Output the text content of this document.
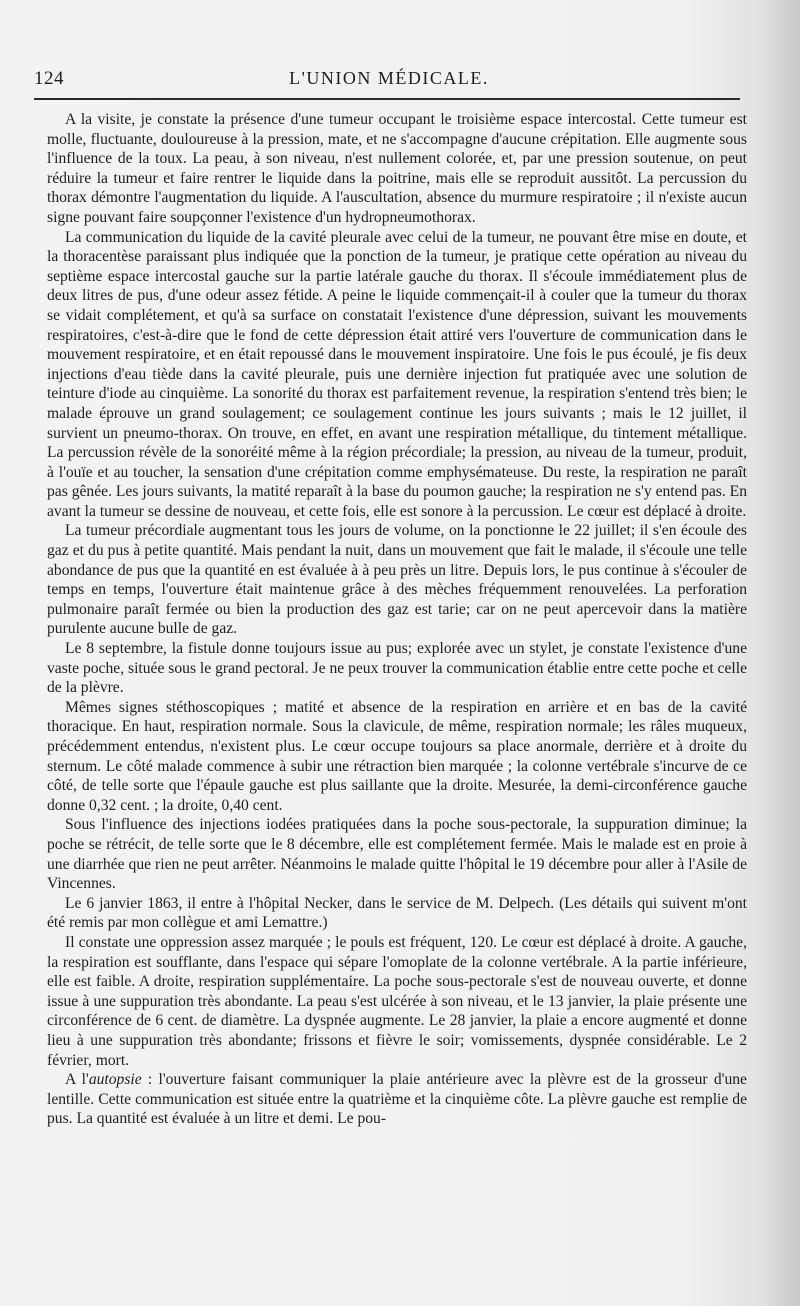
124	L'UNION MÉDICALE.

A la visite, je constate la présence d'une tumeur occupant le troisième espace intercostal. Cette tumeur est molle, fluctuante, douloureuse à la pression, mate, et ne s'accompagne d'aucune crépitation. Elle augmente sous l'influence de la toux. La peau, à son niveau, n'est nullement colorée, et, par une pression soutenue, on peut réduire la tumeur et faire rentrer le liquide dans la poitrine, mais elle se reproduit aussitôt. La percussion du thorax démontre l'augmentation du liquide. A l'auscultation, absence du murmure respiratoire ; il n'existe aucun signe pouvant faire soupçonner l'existence d'un hydropneumothorax.

La communication du liquide de la cavité pleurale avec celui de la tumeur, ne pouvant être mise en doute, et la thoracentèse paraissant plus indiquée que la ponction de la tumeur, je pratique cette opération au niveau du septième espace intercostal gauche sur la partie latérale gauche du thorax. Il s'écoule immédiatement plus de deux litres de pus, d'une odeur assez fétide. A peine le liquide commençait-il à couler que la tumeur du thorax se vidait complétement, et qu'à sa surface on constatait l'existence d'une dépression, suivant les mouvements respiratoires, c'est-à-dire que le fond de cette dépression était attiré vers l'ouverture de communication dans le mouvement respiratoire, et en était repoussé dans le mouvement inspiratoire. Une fois le pus écoulé, je fis deux injections d'eau tiède dans la cavité pleurale, puis une dernière injection fut pratiquée avec une solution de teinture d'iode au cinquième. La sonorité du thorax est parfaitement revenue, la respiration s'entend très bien; le malade éprouve un grand soulagement; ce soulagement continue les jours suivants ; mais le 12 juillet, il survient un pneumo-thorax. On trouve, en effet, en avant une respiration métallique, du tintement métallique. La percussion révèle de la sonoréité même à la région précordiale; la pression, au niveau de la tumeur, produit, à l'ouïe et au toucher, la sensation d'une crépitation comme emphysémateuse. Du reste, la respiration ne paraît pas gênée. Les jours suivants, la matité reparaît à la base du poumon gauche; la respiration ne s'y entend pas. En avant la tumeur se dessine de nouveau, et cette fois, elle est sonore à la percussion. Le cœur est déplacé à droite.

La tumeur précordiale augmentant tous les jours de volume, on la ponctionne le 22 juillet; il s'en écoule des gaz et du pus à petite quantité. Mais pendant la nuit, dans un mouvement que fait le malade, il s'écoule une telle abondance de pus que la quantité en est évaluée à à peu près un litre. Depuis lors, le pus continue à s'écouler de temps en temps, l'ouverture était maintenue grâce à des mèches fréquemment renouvelées. La perforation pulmonaire paraît fermée ou bien la production des gaz est tarie; car on ne peut apercevoir dans la matière purulente aucune bulle de gaz.

Le 8 septembre, la fistule donne toujours issue au pus; explorée avec un stylet, je constate l'existence d'une vaste poche, située sous le grand pectoral. Je ne peux trouver la communication établie entre cette poche et celle de la plèvre.

Mêmes signes stéthoscopiques ; matité et absence de la respiration en arrière et en bas de la cavité thoracique. En haut, respiration normale. Sous la clavicule, de même, respiration normale; les râles muqueux, précédemment entendus, n'existent plus. Le cœur occupe toujours sa place anormale, derrière et à droite du sternum. Le côté malade commence à subir une rétraction bien marquée ; la colonne vertébrale s'incurve de ce côté, de telle sorte que l'épaule gauche est plus saillante que la droite. Mesurée, la demi-circonférence gauche donne 0,32 cent. ; la droite, 0,40 cent.

Sous l'influence des injections iodées pratiquées dans la poche sous-pectorale, la suppuration diminue; la poche se rétrécit, de telle sorte que le 8 décembre, elle est complétement fermée. Mais le malade est en proie à une diarrhée que rien ne peut arrêter. Néanmoins le malade quitte l'hôpital le 19 décembre pour aller à l'Asile de Vincennes.

Le 6 janvier 1863, il entre à l'hôpital Necker, dans le service de M. Delpech. (Les détails qui suivent m'ont été remis par mon collègue et ami Lemattre.)

Il constate une oppression assez marquée ; le pouls est fréquent, 120. Le cœur est déplacé à droite. A gauche, la respiration est soufflante, dans l'espace qui sépare l'omoplate de la colonne vertébrale. A la partie inférieure, elle est faible. A droite, respiration supplémentaire. La poche sous-pectorale s'est de nouveau ouverte, et donne issue à une suppuration très abondante. La peau s'est ulcérée à son niveau, et le 13 janvier, la plaie présente une circonférence de 6 cent. de diamètre. La dyspnée augmente. Le 28 janvier, la plaie a encore augmenté et donne lieu à une suppuration très abondante; frissons et fièvre le soir; vomissements, dyspnée considérable. Le 2 février, mort.

A l'autopsie : l'ouverture faisant communiquer la plaie antérieure avec la plèvre est de la grosseur d'une lentille. Cette communication est située entre la quatrième et la cinquième côte. La plèvre gauche est remplie de pus. La quantité est évaluée à un litre et demi. Le pou-
